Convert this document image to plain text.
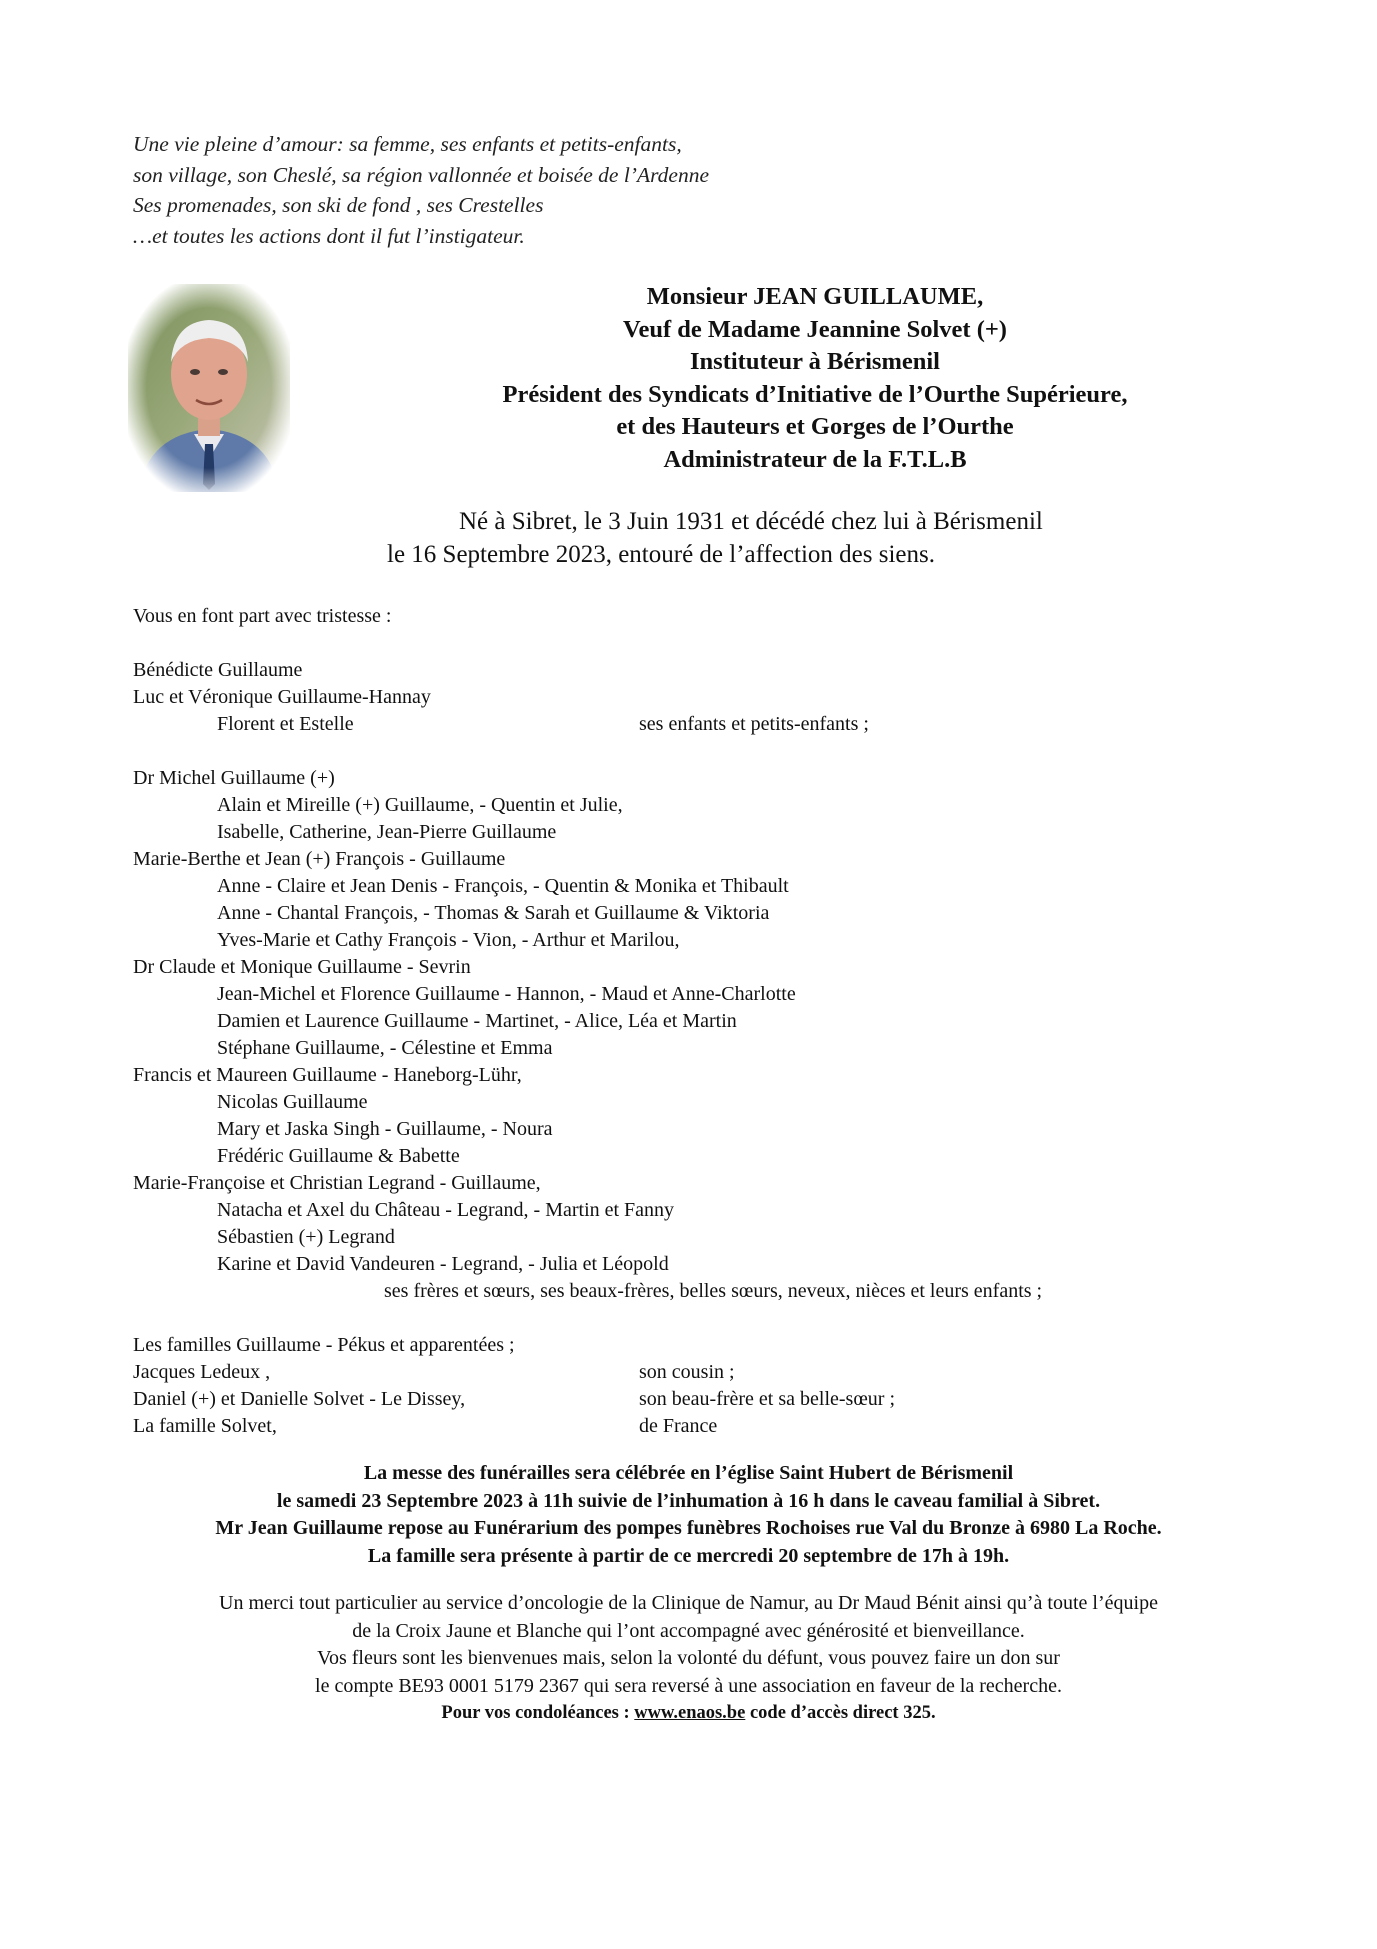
Une vie pleine d’amour: sa femme, ses enfants et petits-enfants,
son village, son Cheslé, sa région vallonnée et boisée de l’Ardenne
Ses promenades, son ski de fond , ses Crestelles
…et toutes les actions dont il fut l’instigateur.
Monsieur JEAN GUILLAUME,
Veuf de Madame Jeannine Solvet (+)
Instituteur à Bérismenil
Président des Syndicats d’Initiative de l’Ourthe Supérieure,
et des Hauteurs et Gorges de l’Ourthe
Administrateur de la F.T.L.B
Né à Sibret, le 3 Juin 1931 et décédé chez lui à Bérismenil
le 16 Septembre 2023, entouré de l’affection des siens.
Vous en font part avec tristesse :
Bénédicte Guillaume
Luc et Véronique Guillaume-Hannay
Florent et Estelle	ses enfants et petits-enfants ;
Dr Michel Guillaume (+)
Alain et Mireille (+) Guillaume, - Quentin et Julie,
Isabelle, Catherine, Jean-Pierre Guillaume
Marie-Berthe et Jean (+) François - Guillaume
Anne - Claire et Jean Denis - François, - Quentin & Monika et Thibault
Anne - Chantal François, - Thomas & Sarah et Guillaume & Viktoria
Yves-Marie et Cathy François - Vion, - Arthur et Marilou,
Dr Claude et Monique Guillaume - Sevrin
Jean-Michel et Florence Guillaume - Hannon, - Maud et Anne-Charlotte
Damien et Laurence Guillaume - Martinet, - Alice, Léa et Martin
Stéphane Guillaume, - Célestine et Emma
Francis et Maureen Guillaume - Haneborg-Lühr,
Nicolas Guillaume
Mary et Jaska Singh - Guillaume, - Noura
Frédéric Guillaume & Babette
Marie-Françoise et Christian Legrand - Guillaume,
Natacha et Axel du Château - Legrand, - Martin et Fanny
Sébastien (+) Legrand
Karine et David Vandeuren - Legrand, - Julia et Léopold
ses frères et sœurs, ses beaux-frères, belles sœurs, neveux, nièces et leurs enfants ;
Les familles Guillaume - Pékus et apparentées ;
Jacques Ledeux ,	son cousin ;
Daniel (+) et Danielle Solvet - Le Dissey,	son beau-frère et sa belle-sœur ;
La famille Solvet,	de France
La messe des funérailles sera célébrée en l’église Saint Hubert de Bérismenil
le samedi 23 Septembre 2023 à 11h suivie de l’inhumation à 16 h dans le caveau familial à Sibret.
Mr Jean Guillaume repose au Funérarium des pompes funèbres Rochoises rue Val du Bronze à 6980 La Roche.
La famille sera présente à partir de ce mercredi 20 septembre de 17h à 19h.
Un merci tout particulier au service d’oncologie de la Clinique de Namur, au Dr Maud Bénit ainsi qu’à toute l’équipe
de la Croix Jaune et Blanche qui l’ont accompagné avec générosité et bienveillance.
Vos fleurs sont les bienvenues mais, selon la volonté du défunt, vous pouvez faire un don sur
le compte BE93 0001 5179 2367 qui sera reversé à une association en faveur de la recherche.
Pour vos condoléances : www.enaos.be code d’accès direct 325.
